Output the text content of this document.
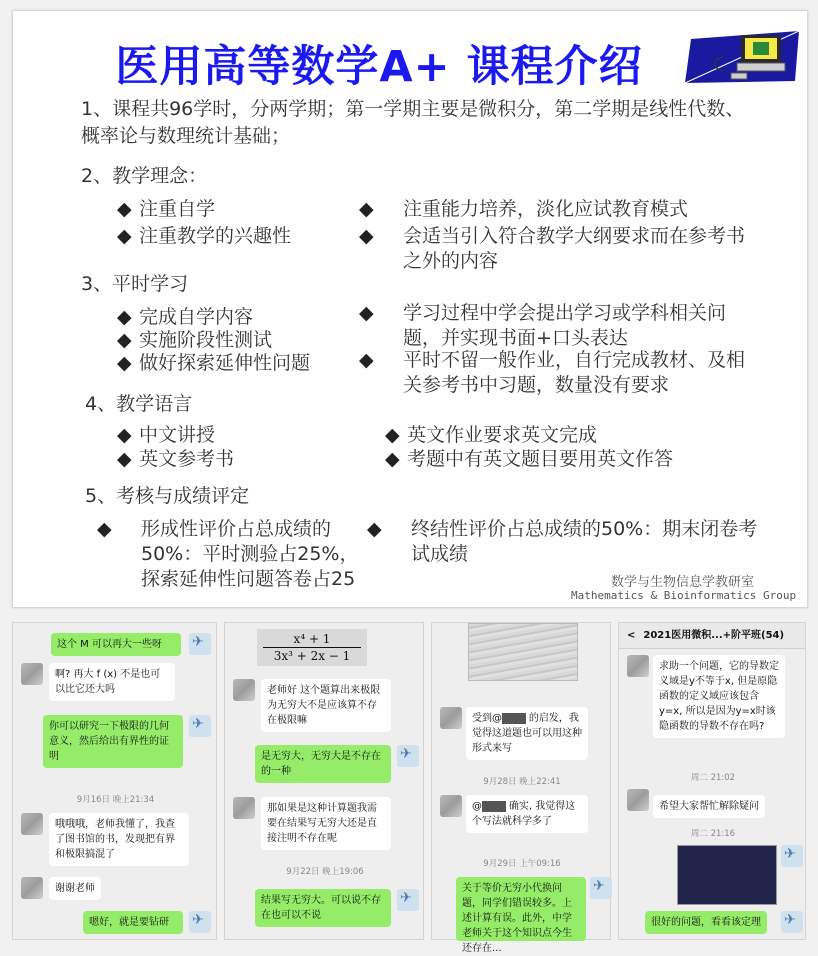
医用高等数学A+ 课程介绍
1、课程共96学时，分两学期；第一学期主要是微积分，第二学期是线性代数、概率论与数理统计基础；
2、教学理念：
◆ 注重自学
◆ 注重教学的兴趣性
◆ 注重能力培养，淡化应试教育模式
◆ 会适当引入符合教学大纲要求而在参考书之外的内容
3、平时学习
◆ 完成自学内容
◆ 实施阶段性测试
◆ 做好探索延伸性问题
◆ 学习过程中学会提出学习或学科相关问题，并实现书面+口头表达
◆ 平时不留一般作业，自行完成教材、及相关参考书中习题，数量没有要求
4、教学语言
◆ 中文讲授
◆ 英文参考书
◆ 英文作业要求英文完成
◆ 考题中有英文题目要用英文作答
5、考核与成绩评定
◆ 形成性评价占总成绩的50%：平时测验占25%，探索延伸性问题答卷占25
◆ 终结性评价占总成绩的50%：期末闭卷考试成绩
数学与生物信息学教研室
Mathematics & Bioinformatics Group
这个 M 可以再大一些呀
✈
啊? 再大 f (x) 不是也可以比它还大吗
你可以研究一下极限的几何意义，然后给出有界性的证明
✈
9月16日 晚上21:34
哦哦哦，老师我懂了，我查了图书馆的书，发现把有界和极限搞混了
谢谢老师
嗯好，就是要钻研
✈
x⁴ + 1
3x³ + 2x − 1
老师好 这个题算出来极限为无穷大不是应该算不存在极限嘛
是无穷大，无穷大是不存在的一种
✈
那如果是这种计算题我需要在结果写无穷大还是直接注明不存在呢
9月22日 晚上19:06
结果写无穷大。可以说不存在也可以不说
✈
受到@xxxx 的启发，我觉得这道题也可以用这种形式来写
9月28日 晚上22:41
@xxxx 确实, 我觉得这个写法就科学多了
9月29日 上午09:16
关于等价无穷小代换问题，同学们错误较多。上述计算有误。此外，中学老师关于这个知识点今生还存在...
✈
< 2021医用微积...+阶平班(54)
求助一个问题，它的导数定义域是y不等于x, 但是原隐函数的定义域应该包含y=x, 所以是因为y=x时该隐函数的导数不存在吗?
周二 21:02
希望大家帮忙解除疑问
周二 21:16
✈
很好的问题，看看该定理
✈
